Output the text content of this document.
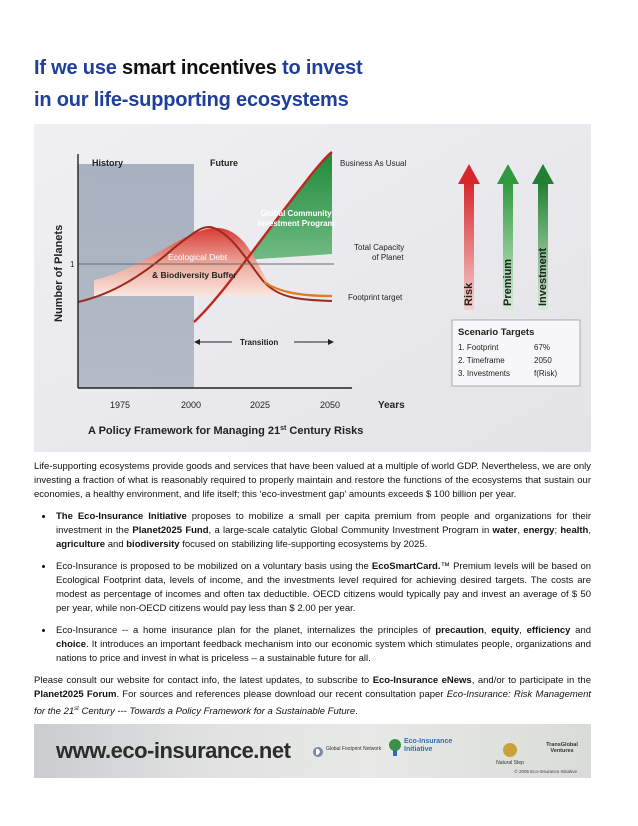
If we use smart incentives to invest
in our life-supporting ecosystems
History	Future	Business As Usual
Global Community
Investment Program
Ecological Debt
& Biodiversity Buffer
Total Capacity
of Planet
Footprint target
1
Transition
Number of Planets
1975	2000	2025	2050	Years
A Policy Framework for Managing 21st Century Risks
Risk Premium Investment
Scenario Targets
1. Footprint	67%
2. Timeframe	2050
3. Investments	f(Risk)

Life-supporting ecosystems provide goods and services that have been valued at a multiple of world GDP. Nevertheless, we are only investing a fraction of what is reasonably required to properly maintain and restore the functions of the ecosystems that sustain our economies, a healthy environment, and life itself; this ‘eco-investment gap’ amounts exceeds $ 100 billion per year.

• The Eco-Insurance Initiative proposes to mobilize a small per capita premium from people and organizations for their investment in the Planet2025 Fund, a large-scale catalytic Global Community Investment Program in water, energy; health, agriculture and biodiversity focused on stabilizing life-supporting ecosystems by 2025.
• Eco-Insurance is proposed to be mobilized on a voluntary basis using the EcoSmartCard.™ Premium levels will be based on Ecological Footprint data, levels of income, and the investments level required for achieving desired targets. The costs are modest as percentage of incomes and often tax deductible. OECD citizens would typically pay and invest an average of $ 50 per year, while non-OECD citizens would pay less than $ 2.00 per year.
• Eco-Insurance -- a home insurance plan for the planet, internalizes the principles of precaution, equity, efficiency and choice. It introduces an important feedback mechanism into our economic system which stimulates people, organizations and nations to price and invest in what is priceless – a sustainable future for all.

Please consult our website for contact info, the latest updates, to subscribe to Eco-Insurance eNews, and/or to participate in the Planet2025 Forum. For sources and references please download our recent consultation paper Eco-Insurance: Risk Management for the 21st Century --- Towards a Policy Framework for a Sustainable Future.

www.eco-insurance.net	Global Footprint Network
Eco-Insurance
Initiative
Natural Step
TransGlobal
Ventures
© 2006 Eco-Insurance Initiative
